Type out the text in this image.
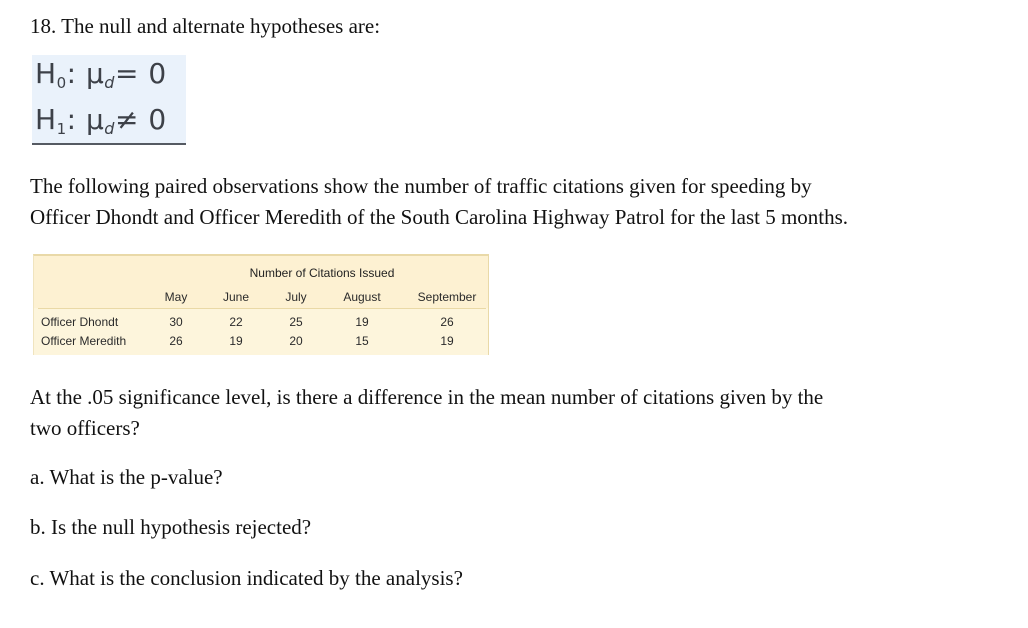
18. The null and alternate hypotheses are:
$H_0$: μd= 0
$H_1$: μd≠ 0
The following paired observations show the number of traffic citations given for speeding by
Officer Dhondt and Officer Meredith of the South Carolina Highway Patrol for the last 5 months.
Number of Citations Issued
May	June	July	August	September
Officer Dhondt	30	22	25	19	26
Officer Meredith	26	19	20	15	19
At the .05 significance level, is there a difference in the mean number of citations given by the
two officers?
a. What is the p-value?
b. Is the null hypothesis rejected?
c. What is the conclusion indicated by the analysis?
